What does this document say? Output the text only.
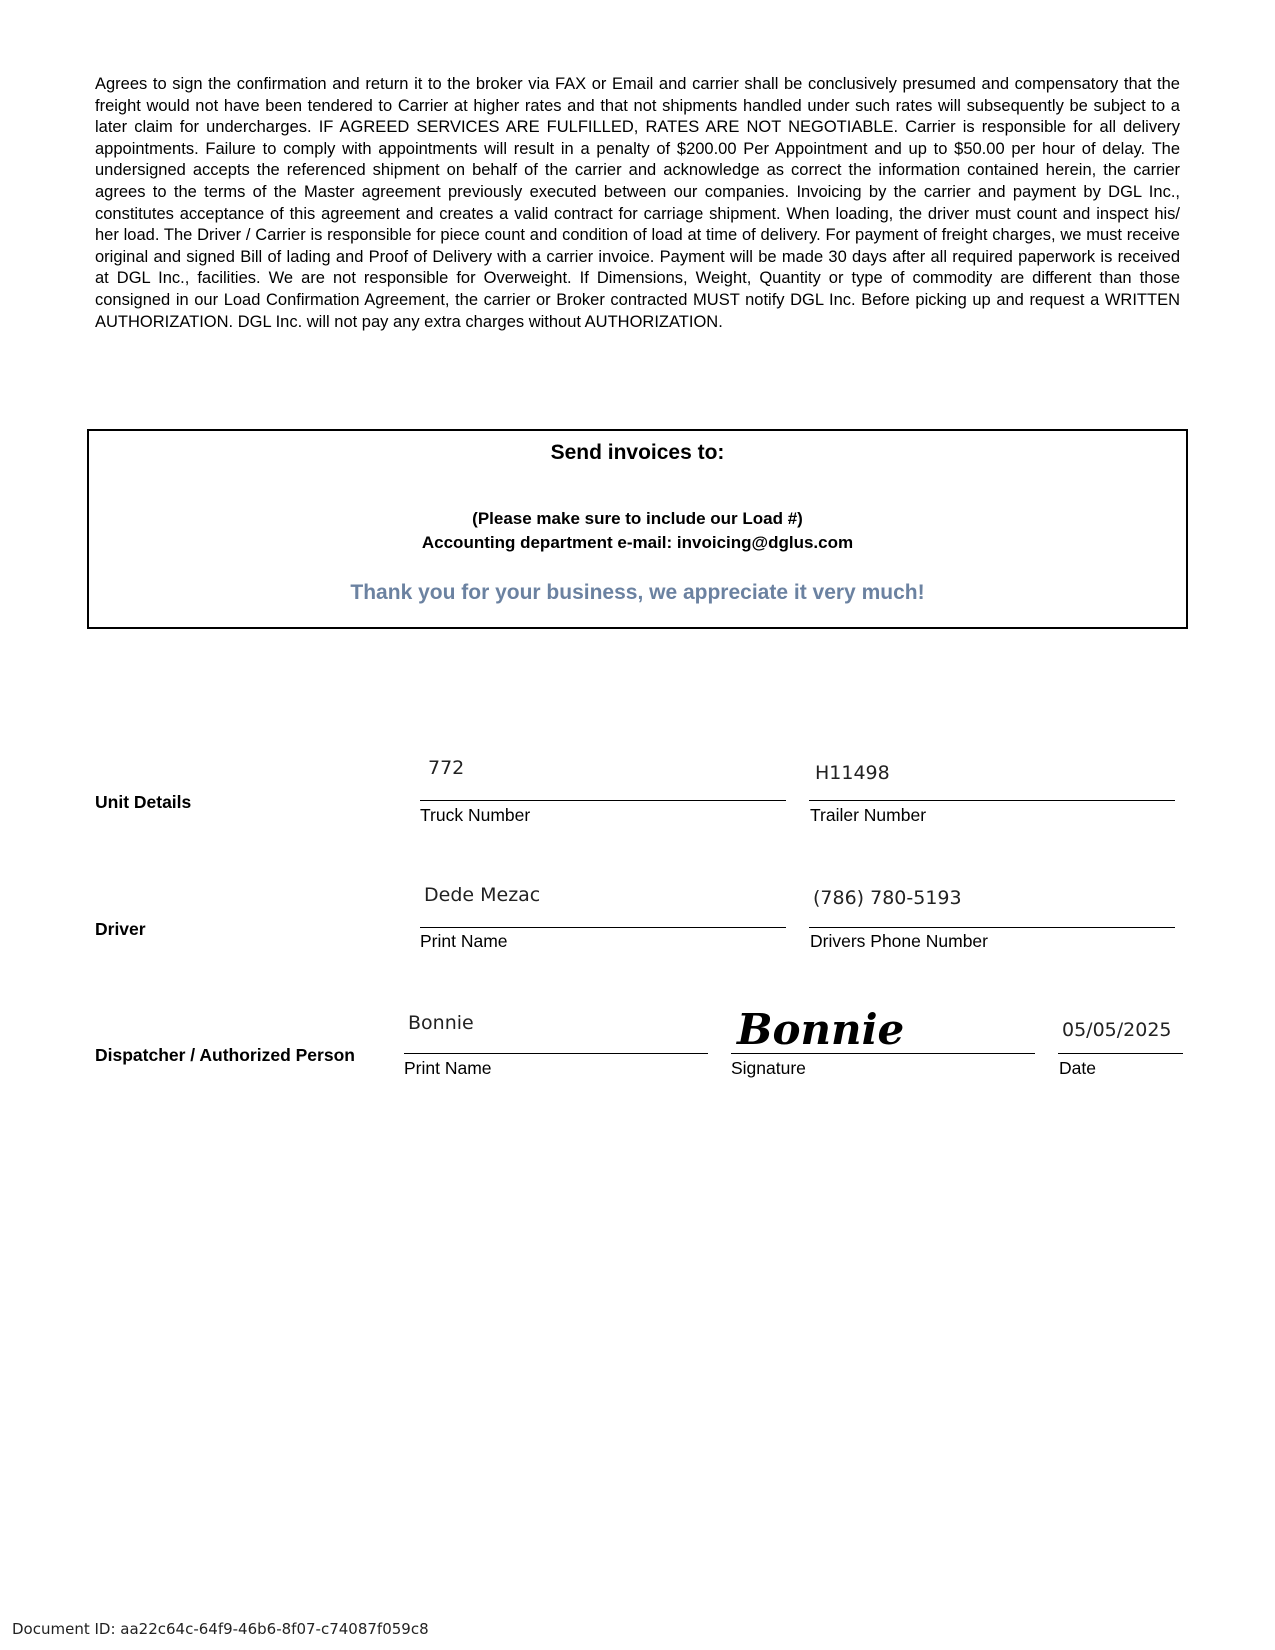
Agrees to sign the confirmation and return it to the broker via FAX or Email and carrier shall be conclusively presumed and compensatory that the freight would not have been tendered to Carrier at higher rates and that not shipments handled under such rates will subsequently be subject to a later claim for undercharges. IF AGREED SERVICES ARE FULFILLED, RATES ARE NOT NEGOTIABLE. Carrier is responsible for all delivery appointments. Failure to comply with appointments will result in a penalty of $200.00 Per Appointment and up to $50.00 per hour of delay. The undersigned accepts the referenced shipment on behalf of the carrier and acknowledge as correct the information contained herein, the carrier agrees to the terms of the Master agreement previously executed between our companies. Invoicing by the carrier and payment by DGL Inc., constitutes acceptance of this agreement and creates a valid contract for carriage shipment. When loading, the driver must count and inspect his/ her load. The Driver / Carrier is responsible for piece count and condition of load at time of delivery. For payment of freight charges, we must receive original and signed Bill of lading and Proof of Delivery with a carrier invoice. Payment will be made 30 days after all required paperwork is received at DGL Inc., facilities. We are not responsible for Overweight. If Dimensions, Weight, Quantity or type of commodity are different than those consigned in our Load Confirmation Agreement, the carrier or Broker contracted MUST notify DGL Inc. Before picking up and request a WRITTEN AUTHORIZATION. DGL Inc. will not pay any extra charges without AUTHORIZATION.

Send invoices to:
(Please make sure to include our Load #)
Accounting department e-mail: invoicing@dglus.com
Thank you for your business, we appreciate it very much!
Unit Details
772
Truck Number
H11498
Trailer Number
Driver
Dede Mezac
Print Name
(786) 780-5193
Drivers Phone Number
Dispatcher / Authorized Person
Bonnie
Print Name
Bonnie
Signature
05/05/2025
Date
Document ID: aa22c64c-64f9-46b6-8f07-c74087f059c8
